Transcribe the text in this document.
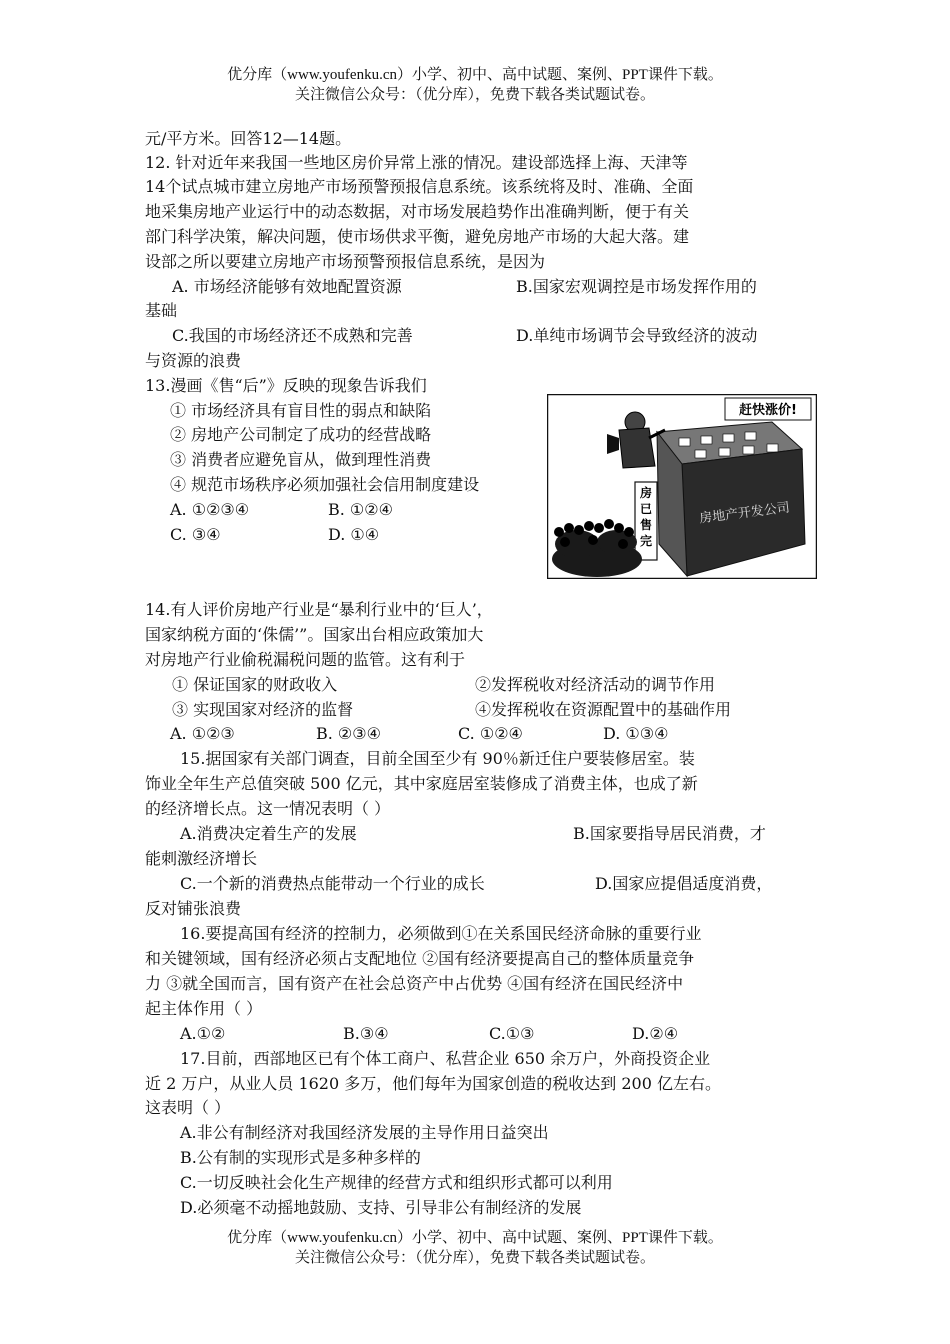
优分库（www.youfenku.cn）小学、初中、高中试题、案例、PPT课件下载。
关注微信公众号：（优分库），免费下载各类试题试卷。
元/平方米。回答12—14题。
12. 针对近年来我国一些地区房价异常上涨的情况。建设部选择上海、天津等
14个试点城市建立房地产市场预警预报信息系统。该系统将及时、准确、全面
地采集房地产业运行中的动态数据，对市场发展趋势作出准确判断，便于有关
部门科学决策，解决问题，使市场供求平衡，避免房地产市场的大起大落。建
设部之所以要建立房地产市场预警预报信息系统，是因为
A. 市场经济能够有效地配置资源	B.国家宏观调控是市场发挥作用的
基础
C.我国的市场经济还不成熟和完善	D.单纯市场调节会导致经济的波动
与资源的浪费
13.漫画《售“后”》反映的现象告诉我们
① 市场经济具有盲目性的弱点和缺陷
② 房地产公司制定了成功的经营战略
③ 消费者应避免盲从，做到理性消费
④ 规范市场秩序必须加强社会信用制度建设
A. ①②③④	B. ①②④
C. ③④	D. ①④
赶快涨价!
房地产开发公司
房 已 售 完
14.有人评价房地产行业是“暴利行业中的‘巨人’，
国家纳税方面的‘侏儒’”。国家出台相应政策加大
对房地产行业偷税漏税问题的监管。这有利于
① 保证国家的财政收入	②发挥税收对经济活动的调节作用
③ 实现国家对经济的监督	④发挥税收在资源配置中的基础作用
A. ①②③	B. ②③④	C. ①②④	D. ①③④
15.据国家有关部门调查，目前全国至少有 90％新迁住户要装修居室。装
饰业全年生产总值突破 500 亿元，其中家庭居室装修成了消费主体，也成了新
的经济增长点。这一情况表明（ ）
A.消费决定着生产的发展	B.国家要指导居民消费，才
能刺激经济增长
C.一个新的消费热点能带动一个行业的成长	D.国家应提倡适度消费，
反对铺张浪费
16.要提高国有经济的控制力，必须做到①在关系国民经济命脉的重要行业
和关键领域，国有经济必须占支配地位 ②国有经济要提高自己的整体质量竞争
力 ③就全国而言，国有资产在社会总资产中占优势 ④国有经济在国民经济中
起主体作用（ ）
A.①②	B.③④	C.①③	D.②④
17.目前，西部地区已有个体工商户、私营企业 650 余万户，外商投资企业
近 2 万户，从业人员 1620 多万，他们每年为国家创造的税收达到 200 亿左右。
这表明（ ）
A.非公有制经济对我国经济发展的主导作用日益突出
B.公有制的实现形式是多种多样的
C.一切反映社会化生产规律的经营方式和组织形式都可以利用
D.必须毫不动摇地鼓励、支持、引导非公有制经济的发展
优分库（www.youfenku.cn）小学、初中、高中试题、案例、PPT课件下载。
关注微信公众号：（优分库），免费下载各类试题试卷。
